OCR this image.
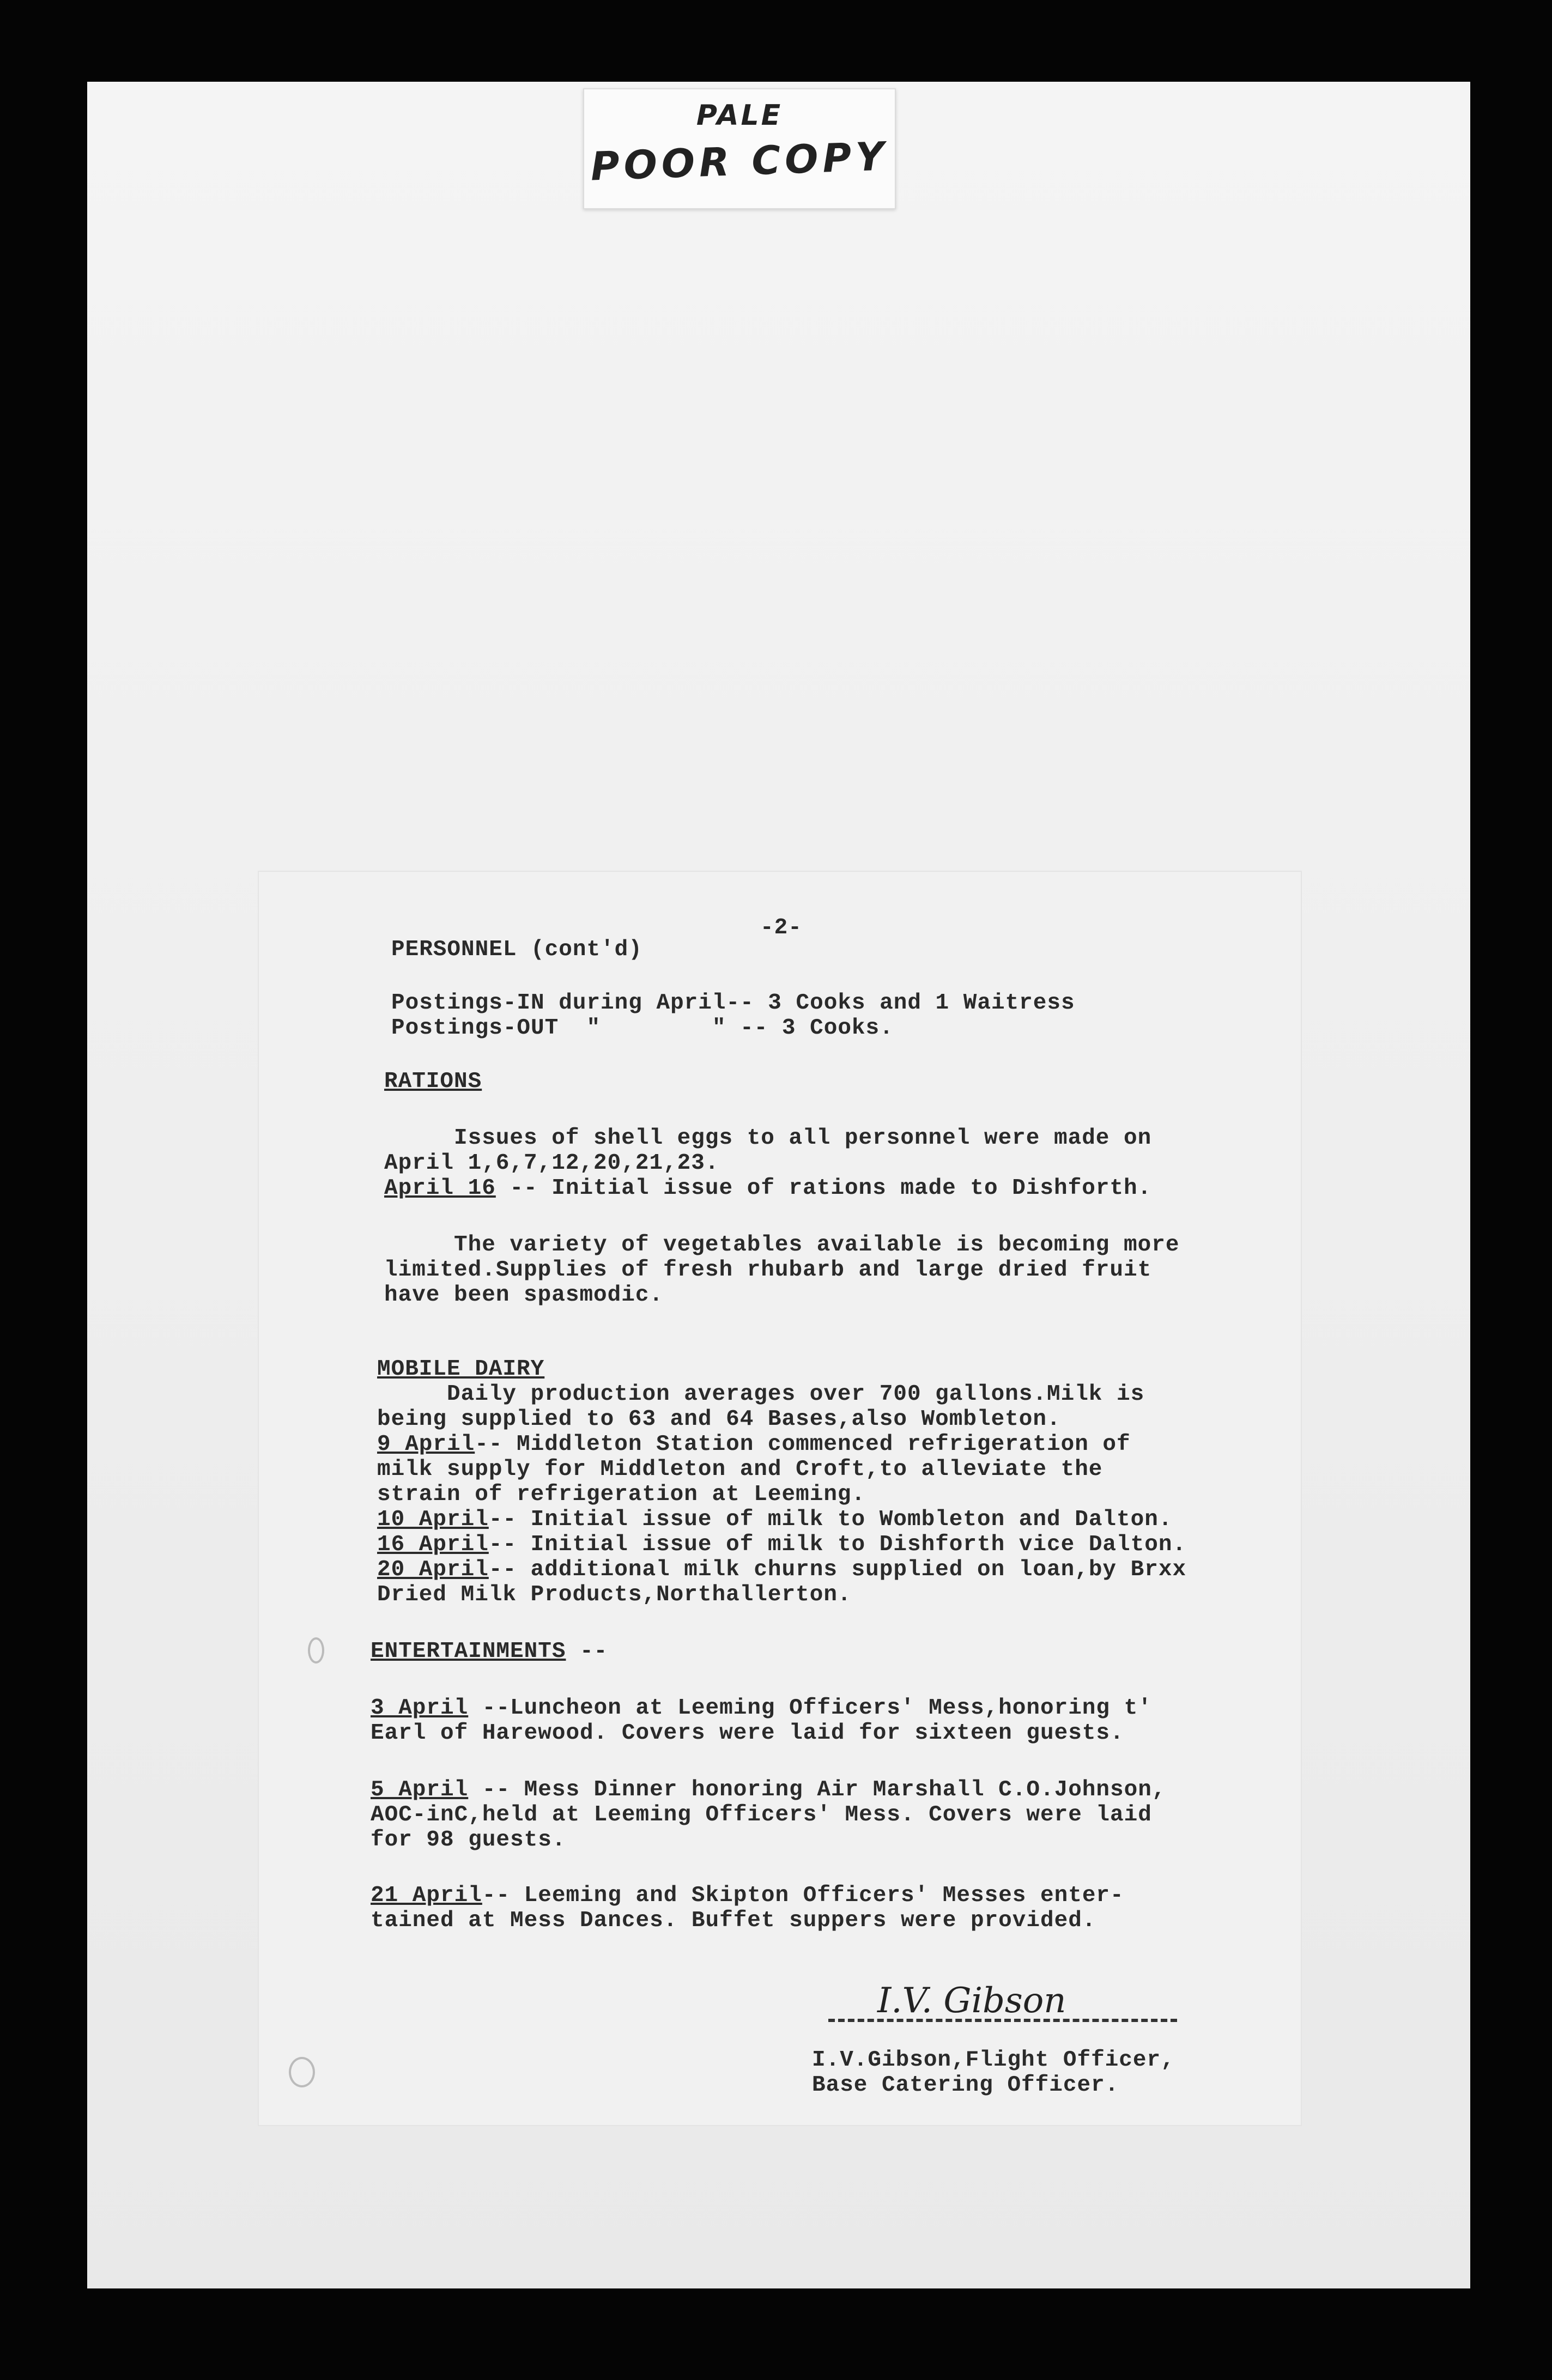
PALE
POOR COPY
-2-
PERSONNEL (cont'd)
Postings-IN during April-- 3 Cooks and 1 Waitress
Postings-OUT  "        " -- 3 Cooks.
RATIONS
Issues of shell eggs to all personnel were made on
April 1,6,7,12,20,21,23.
April 16 -- Initial issue of rations made to Dishforth.
The variety of vegetables available is becoming more
limited.Supplies of fresh rhubarb and large dried fruit
have been spasmodic.
MOBILE DAIRY
Daily production averages over 700 gallons.Milk is
being supplied to 63 and 64 Bases,also Wombleton.
9 April-- Middleton Station commenced refrigeration of
milk supply for Middleton and Croft,to alleviate the
strain of refrigeration at Leeming.
10 April-- Initial issue of milk to Wombleton and Dalton.
16 April-- Initial issue of milk to Dishforth vice Dalton.
20 April-- additional milk churns supplied on loan,by Brxx
Dried Milk Products,Northallerton.
ENTERTAINMENTS --
3 April --Luncheon at Leeming Officers' Mess,honoring t'
Earl of Harewood. Covers were laid for sixteen guests.
5 April -- Mess Dinner honoring Air Marshall C.O.Johnson,
AOC-inC,held at Leeming Officers' Mess. Covers were laid
for 98 guests.
21 April-- Leeming and Skipton Officers' Messes enter-
tained at Mess Dances. Buffet suppers were provided.
I.V. Gibson
I.V.Gibson,Flight Officer,
Base Catering Officer.
